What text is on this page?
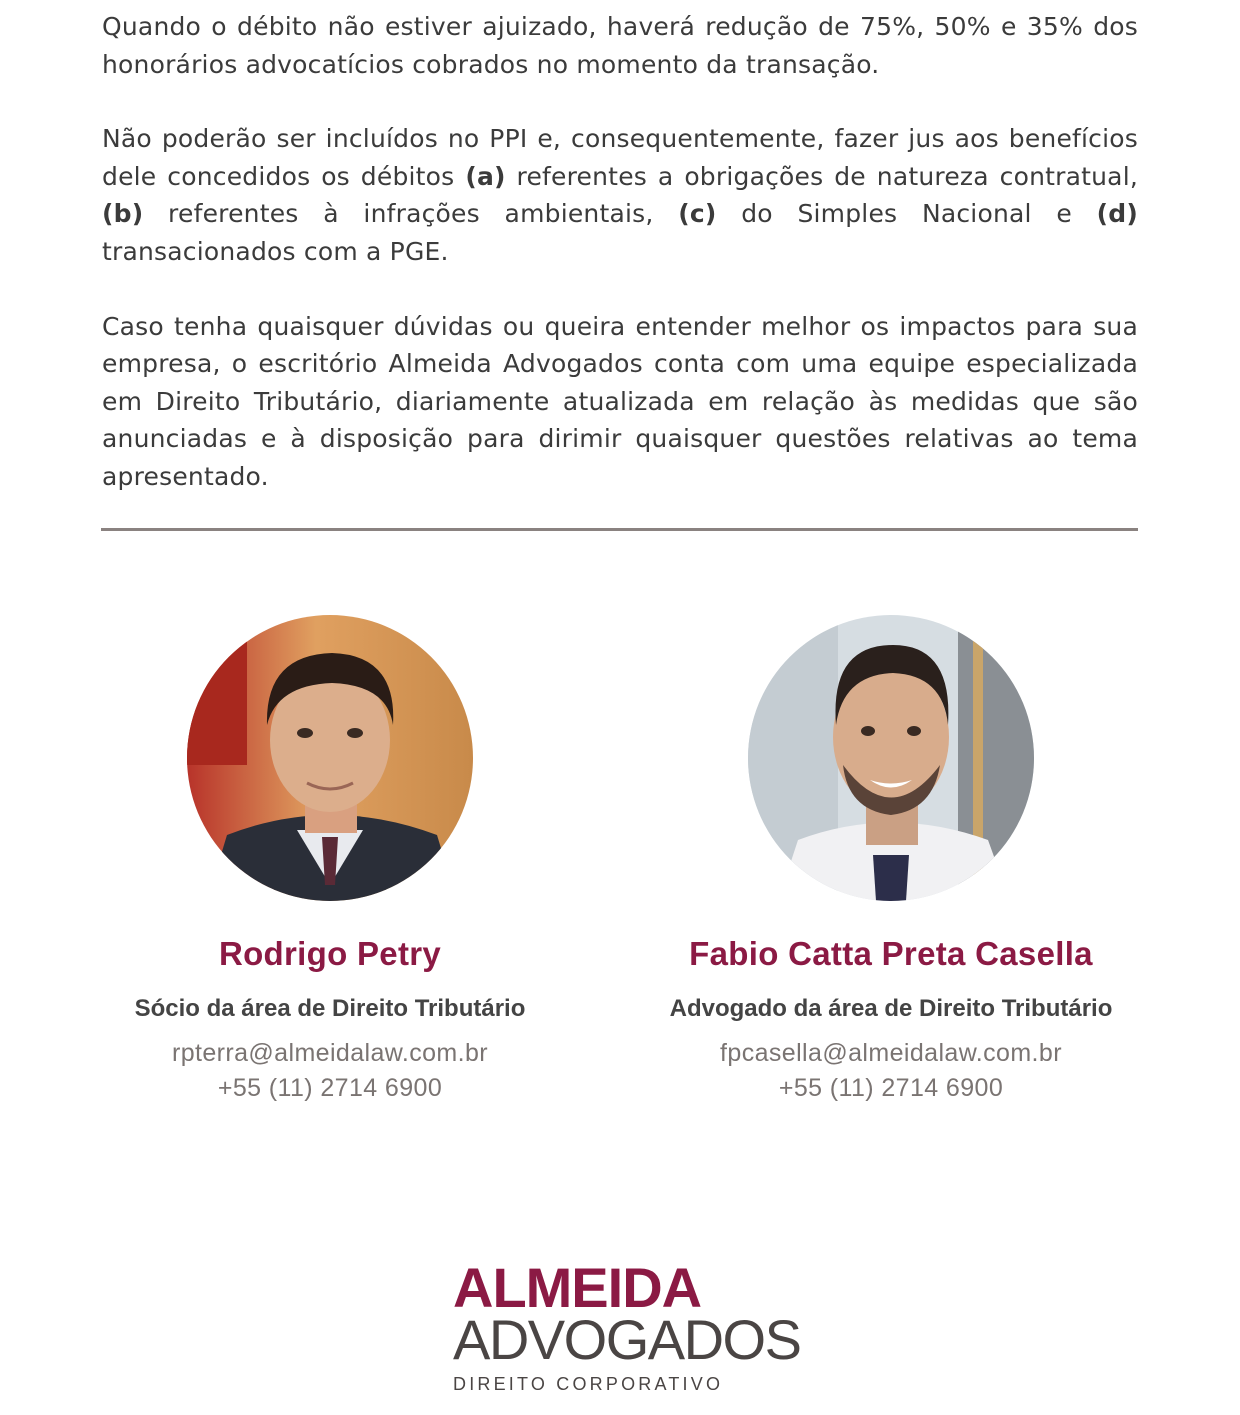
Quando o débito não estiver ajuizado, haverá redução de 75%, 50% e 35% dos honorários advocatícios cobrados no momento da transação.

Não poderão ser incluídos no PPI e, consequentemente, fazer jus aos benefícios dele concedidos os débitos (a) referentes a obrigações de natureza contratual, (b) referentes à infrações ambientais, (c) do Simples Nacional e (d) transacionados com a PGE.

Caso tenha quaisquer dúvidas ou queira entender melhor os impactos para sua empresa, o escritório Almeida Advogados conta com uma equipe especializada em Direito Tributário, diariamente atualizada em relação às medidas que são anunciadas e à disposição para dirimir quaisquer questões relativas ao tema apresentado.

Rodrigo Petry
Sócio da área de Direito Tributário
rpterra@almeidalaw.com.br
+55 (11) 2714 6900
Fabio Catta Preta Casella
Advogado da área de Direito Tributário
fpcasella@almeidalaw.com.br
+55 (11) 2714 6900
ALMEIDA
ADVOGADOS
DIREITO CORPORATIVO
